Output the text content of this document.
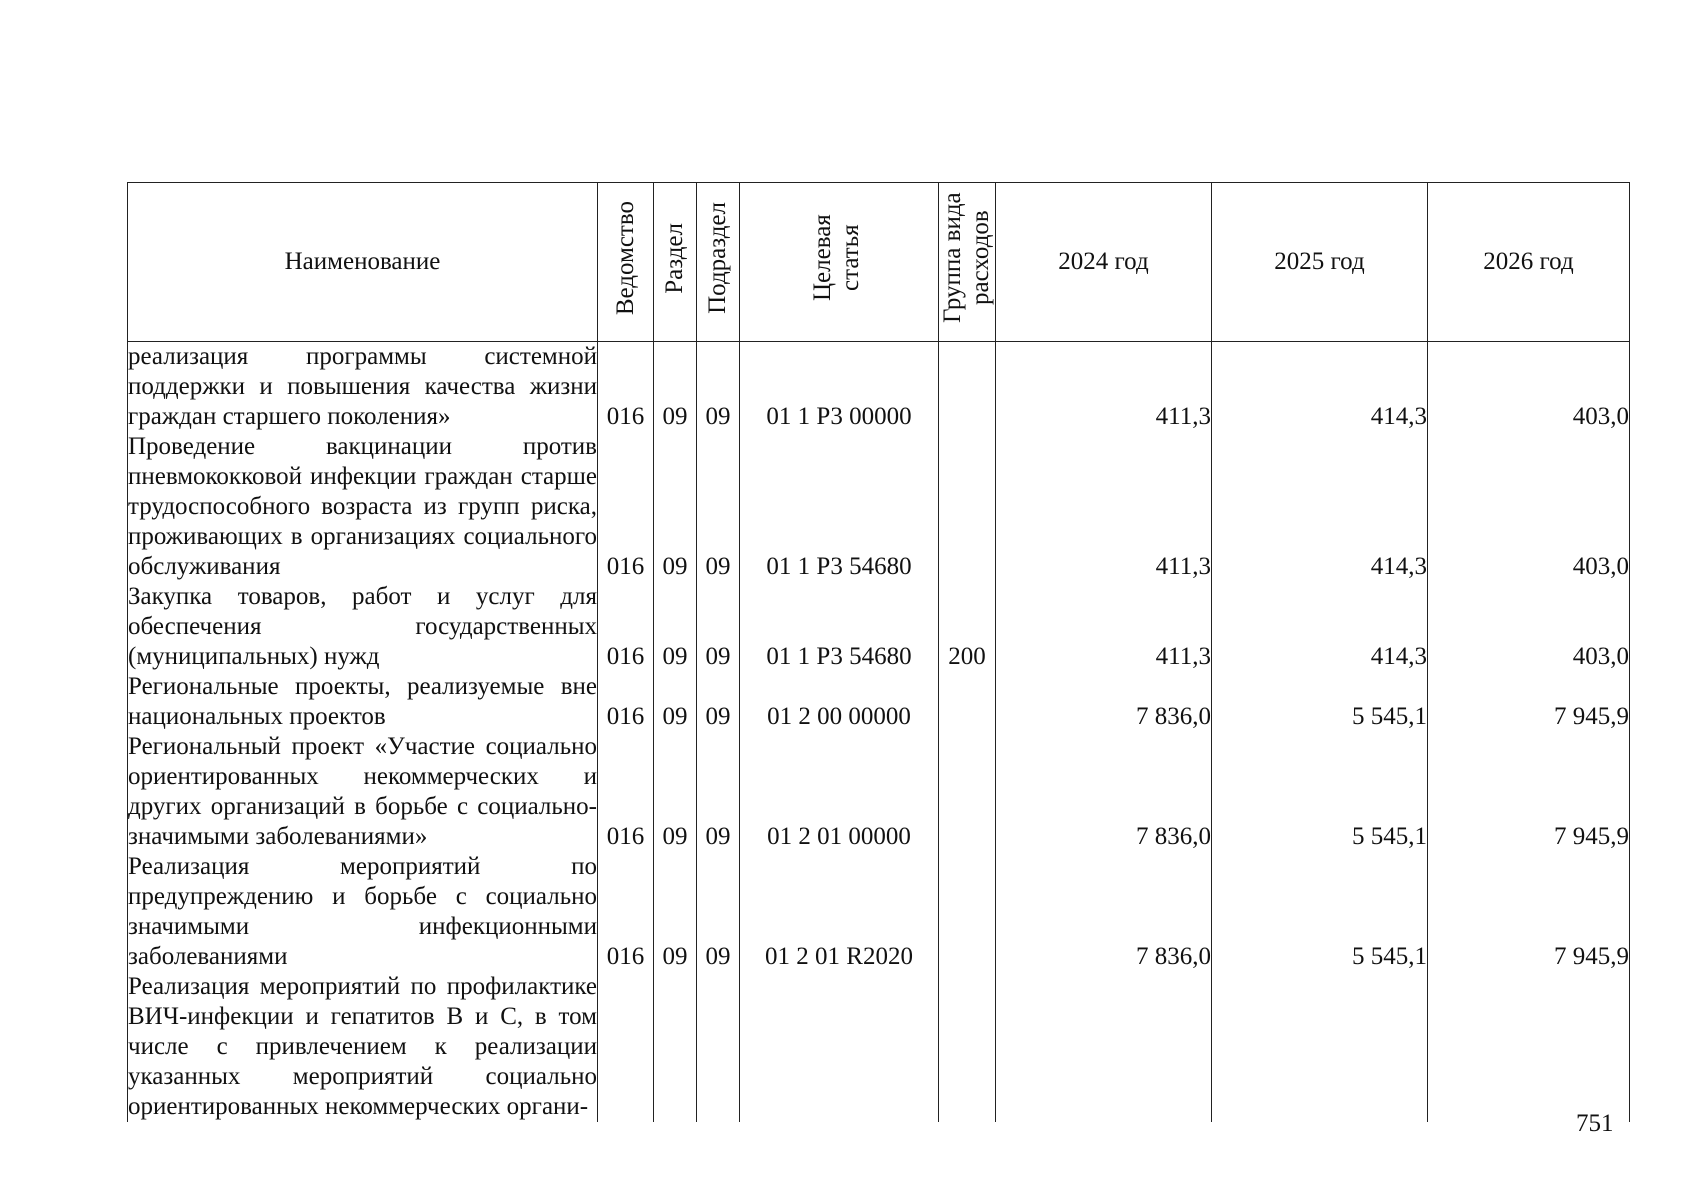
Наименование	Ведомство	Раздел	Подраздел	Целевая статья	Группа вида расходов	2024 год	2025 год	2026 год

реализация программы системной поддержки и повышения качества жизни граждан старшего поколения»	016	09	09	01 1 Р3 00000		411,3	414,3	403,0

Проведение вакцинации против пневмококковой инфекции граждан старше трудоспособного возраста из групп риска, проживающих в организациях социального обслуживания	016	09	09	01 1 Р3 54680		411,3	414,3	403,0

Закупка товаров, работ и услуг для обеспечения государственных (муниципальных) нужд	016	09	09	01 1 Р3 54680	200	411,3	414,3	403,0

Региональные проекты, реализуемые вне национальных проектов	016	09	09	01 2 00 00000		7 836,0	5 545,1	7 945,9

Региональный проект «Участие социально ориентированных некоммерческих и других организаций в борьбе с социально-значимыми заболеваниями»	016	09	09	01 2 01 00000		7 836,0	5 545,1	7 945,9

Реализация мероприятий по предупреждению и борьбе с социально значимыми инфекционными заболеваниями	016	09	09	01 2 01 R2020		7 836,0	5 545,1	7 945,9

Реализация мероприятий по профилактике ВИЧ-инфекции и гепатитов В и С, в том числе с привлечением к реализации указанных мероприятий социально ориентированных некоммерческих органи-								

751
